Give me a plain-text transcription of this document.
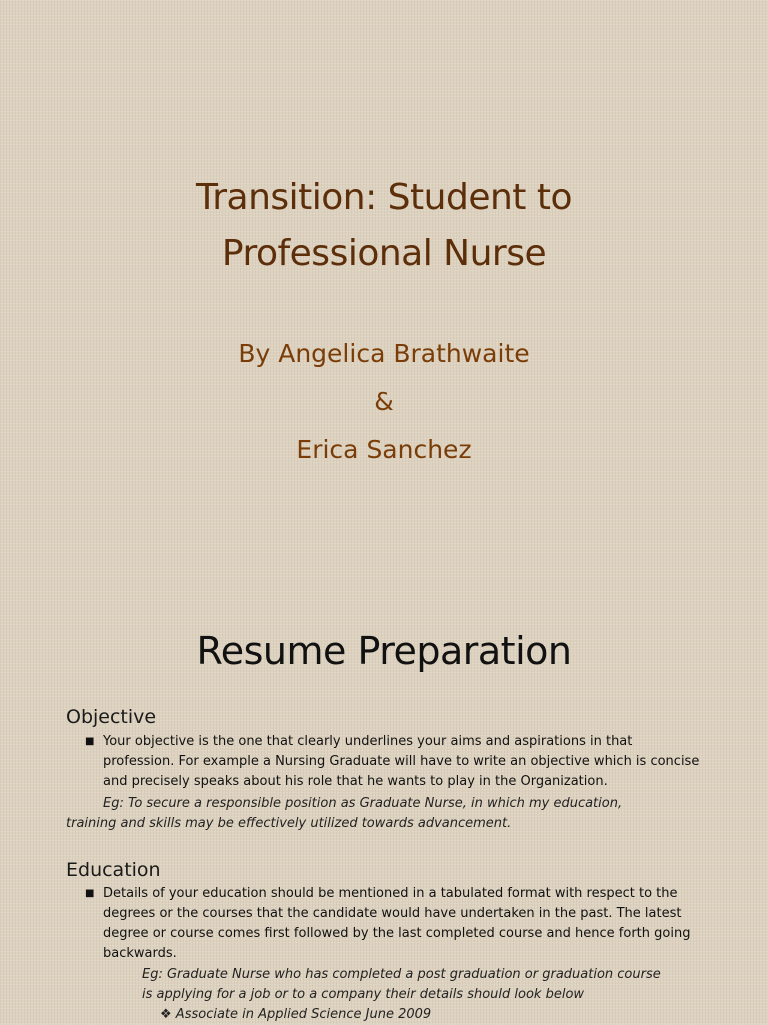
Transition: Student to
Professional Nurse
By Angelica Brathwaite
&
Erica Sanchez
Resume Preparation
Objective
■ Your objective is the one that clearly underlines your aims and aspirations in that profession. For example a Nursing Graduate will have to write an objective which is concise and precisely speaks about his role that he wants to play in the Organization.
Eg: To secure a responsible position as Graduate Nurse, in which my education,
training and skills may be effectively utilized towards advancement.
Education
■ Details of your education should be mentioned in a tabulated format with respect to the degrees or the courses that the candidate would have undertaken in the past. The latest degree or course comes first followed by the last completed course and hence forth going backwards.
Eg: Graduate Nurse who has completed a post graduation or graduation course
is applying for a job or to a company their details should look below
❖ Associate in Applied Science June 2009
